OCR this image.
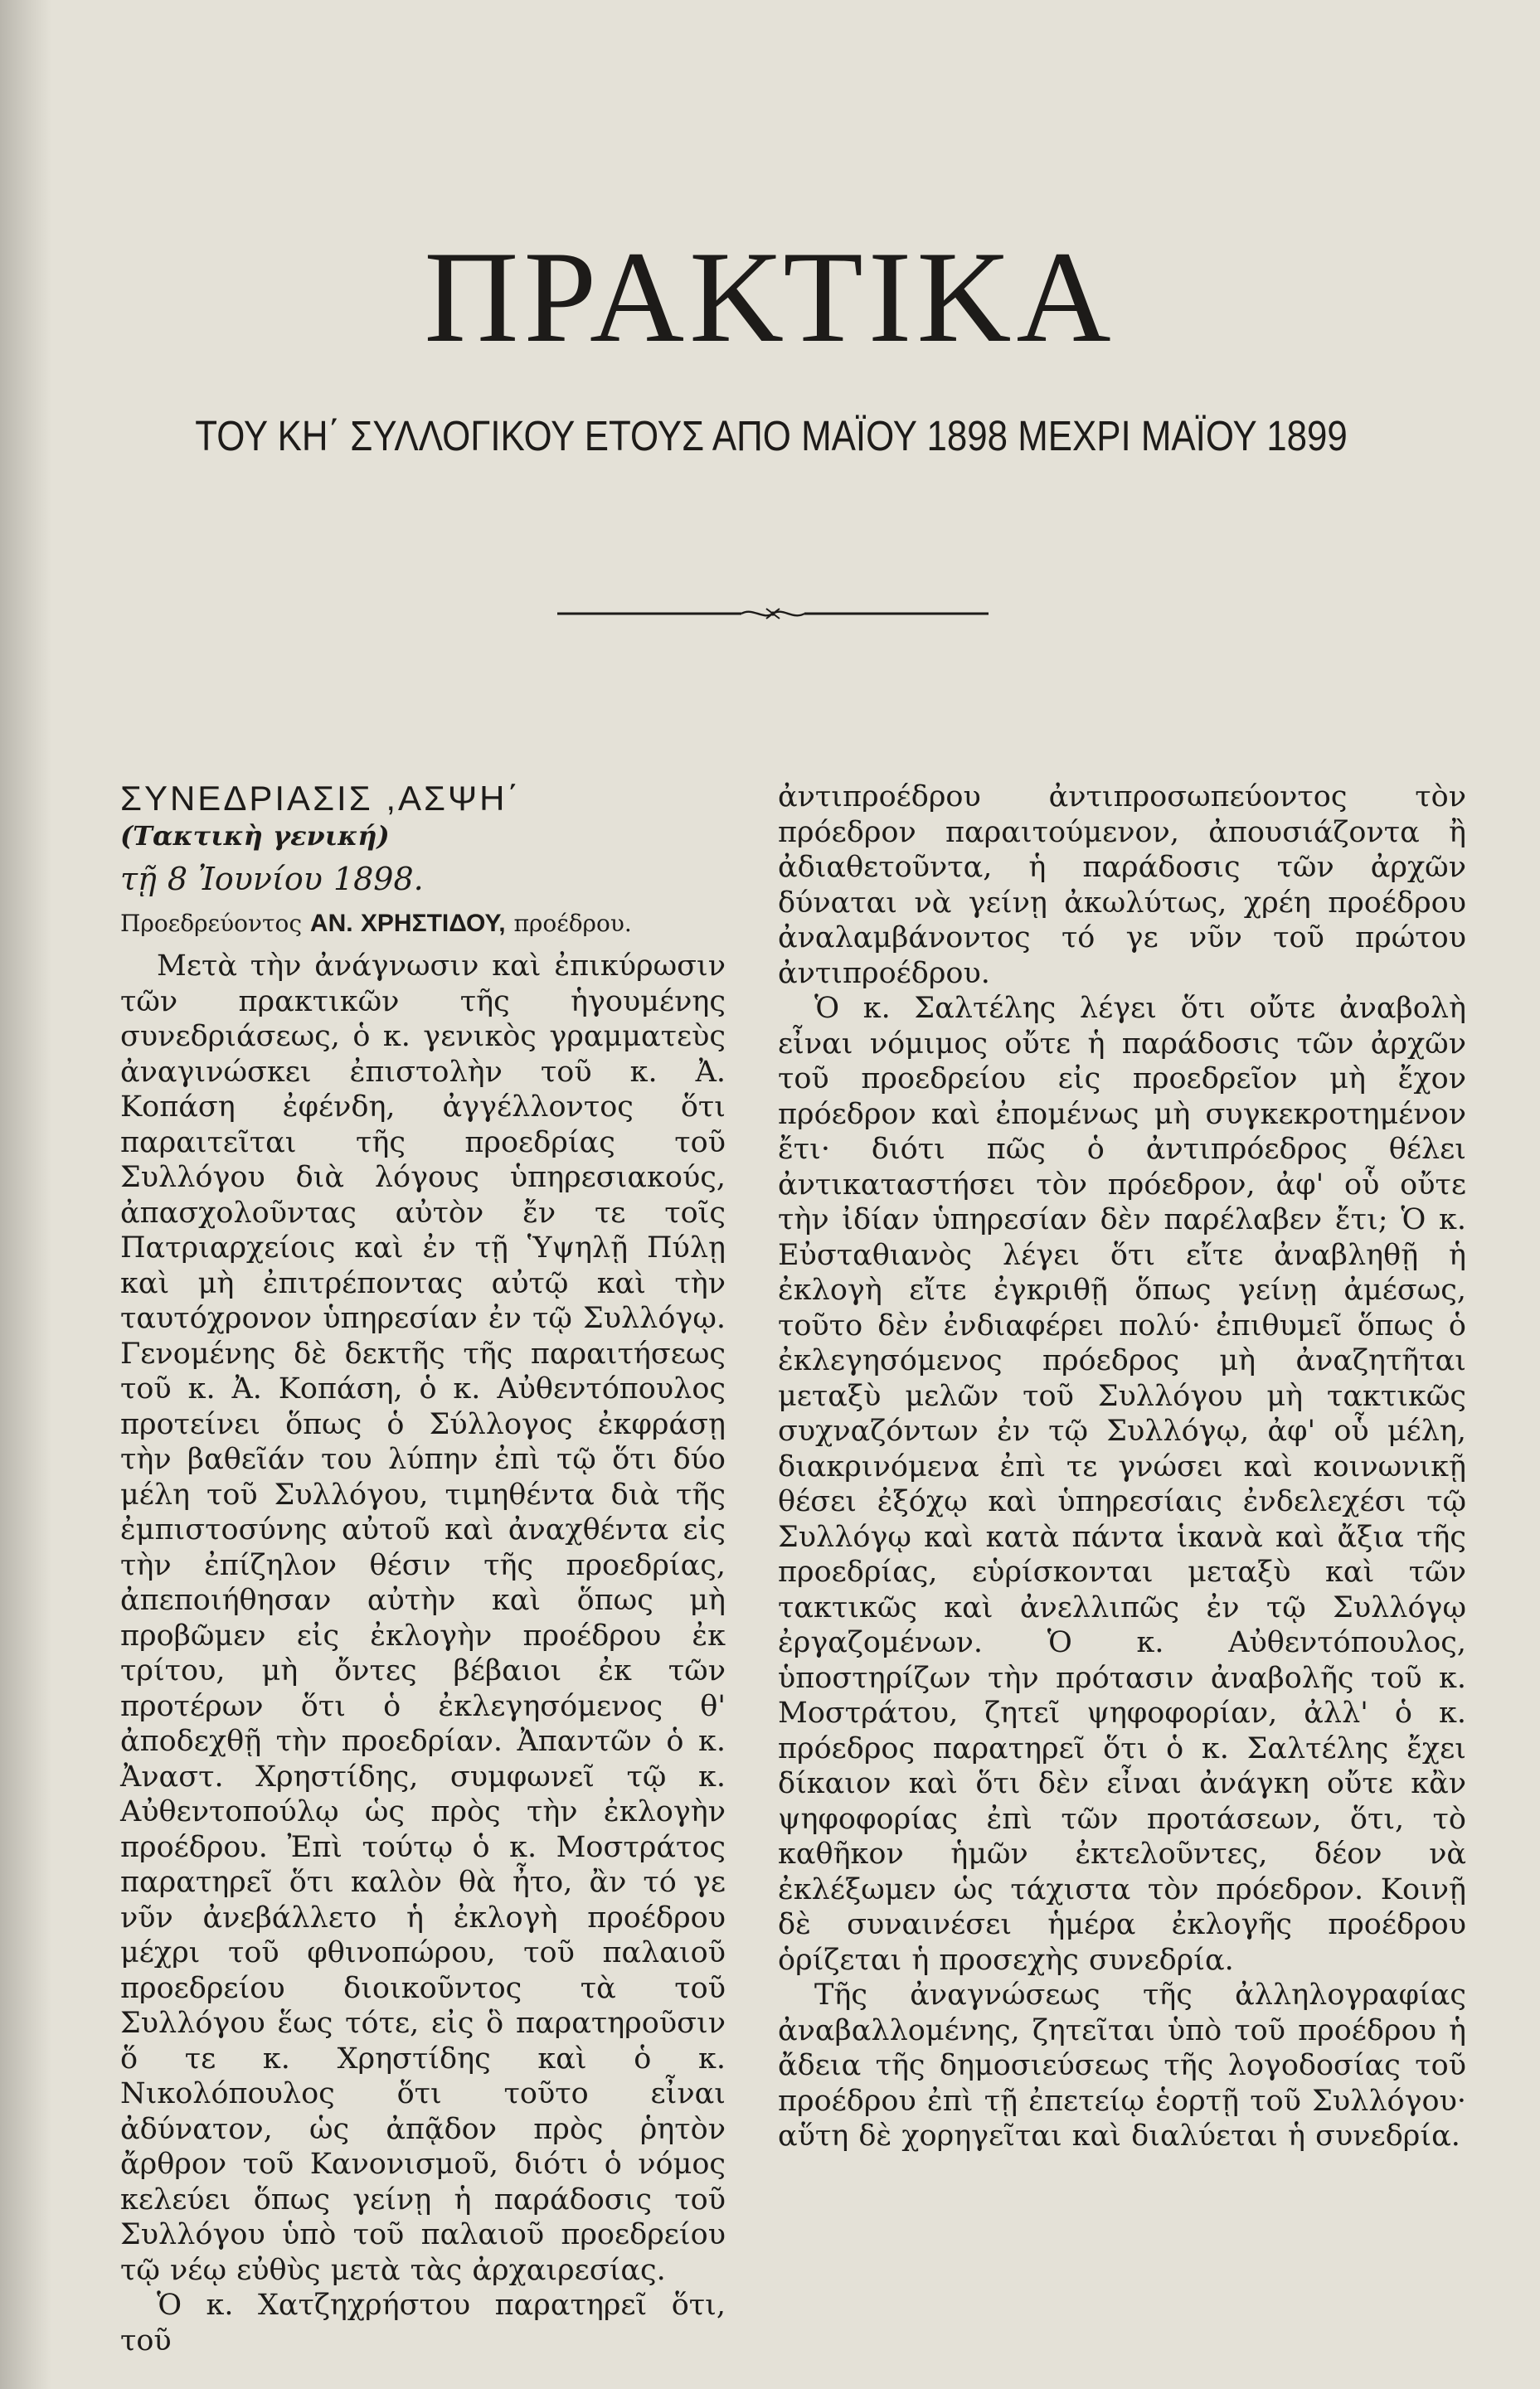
ΠΡΑΚΤΙΚΑ
ΤΟΥ ΚΗ΄ ΣΥΛΛΟΓΙΚΟΥ ΕΤΟΥΣ ΑΠΟ ΜΑΪΟΥ 1898 ΜΕΧΡΙ ΜΑΪΟΥ 1899

ΣΥΝΕΔΡΙΑΣΙΣ ,ΑΣΨΗ΄

(Τακτικὴ γενική)

τῇ 8 Ἰουνίου 1898.

Προεδρεύοντος ΑΝ. ΧΡΗΣΤΙΔΟΥ, προέδρου.

Μετὰ τὴν ἀνάγνωσιν καὶ ἐπικύρωσιν τῶν πρακτικῶν τῆς ἡγουμένης συνεδριάσεως, ὁ κ. γενικὸς γραμματεὺς ἀναγινώσκει ἐπιστολὴν τοῦ κ. Ἀ. Κοπάση ἐφένδη, ἀγγέλλοντος ὅτι παραιτεῖται τῆς προεδρίας τοῦ Συλλόγου διὰ λόγους ὑπηρεσιακούς, ἀπασχολοῦντας αὐτὸν ἔν τε τοῖς Πατριαρχείοις καὶ ἐν τῇ Ὑψηλῇ Πύλῃ καὶ μὴ ἐπιτρέποντας αὐτῷ καὶ τὴν ταυτόχρονον ὑπηρεσίαν ἐν τῷ Συλλόγῳ. Γενομένης δὲ δεκτῆς τῆς παραιτήσεως τοῦ κ. Ἀ. Κοπάση, ὁ κ. Αὐθεντόπουλος προτείνει ὅπως ὁ Σύλλογος ἐκφράσῃ τὴν βαθεῖάν του λύπην ἐπὶ τῷ ὅτι δύο μέλη τοῦ Συλλόγου, τιμηθέντα διὰ τῆς ἐμπιστοσύνης αὐτοῦ καὶ ἀναχθέντα εἰς τὴν ἐπίζηλον θέσιν τῆς προεδρίας, ἀπεποιήθησαν αὐτὴν καὶ ὅπως μὴ προβῶμεν εἰς ἐκλογὴν προέδρου ἐκ τρίτου, μὴ ὄντες βέβαιοι ἐκ τῶν προτέρων ὅτι ὁ ἐκλεγησόμενος θ' ἀποδεχθῇ τὴν προεδρίαν. Ἀπαντῶν ὁ κ. Ἀναστ. Χρηστίδης, συμφωνεῖ τῷ κ. Αὐθεντοπούλῳ ὡς πρὸς τὴν ἐκλογὴν προέδρου. Ἐπὶ τούτῳ ὁ κ. Μοστράτος παρατηρεῖ ὅτι καλὸν θὰ ἦτο, ἂν τό γε νῦν ἀνεβάλλετο ἡ ἐκλογὴ προέδρου μέχρι τοῦ φθινοπώρου, τοῦ παλαιοῦ προεδρείου διοικοῦντος τὰ τοῦ Συλλόγου ἕως τότε, εἰς ὃ παρατηροῦσιν ὅ τε κ. Χρηστίδης καὶ ὁ κ. Νικολόπουλος ὅτι τοῦτο εἶναι ἀδύνατον, ὡς ἀπᾷδον πρὸς ῥητὸν ἄρθρον τοῦ Κανονισμοῦ, διότι ὁ νόμος κελεύει ὅπως γείνῃ ἡ παράδοσις τοῦ Συλλόγου ὑπὸ τοῦ παλαιοῦ προεδρείου τῷ νέῳ εὐθὺς μετὰ τὰς ἀρχαιρεσίας.

Ὁ κ. Χατζηχρήστου παρατηρεῖ ὅτι, τοῦ

ἀντιπροέδρου ἀντιπροσωπεύοντος τὸν πρόεδρον παραιτούμενον, ἀπουσιάζοντα ἢ ἀδιαθετοῦντα, ἡ παράδοσις τῶν ἀρχῶν δύναται νὰ γείνῃ ἀκωλύτως, χρέη προέδρου ἀναλαμβάνοντος τό γε νῦν τοῦ πρώτου ἀντιπροέδρου.

Ὁ κ. Σαλτέλης λέγει ὅτι οὔτε ἀναβολὴ εἶναι νόμιμος οὔτε ἡ παράδοσις τῶν ἀρχῶν τοῦ προεδρείου εἰς προεδρεῖον μὴ ἔχον πρόεδρον καὶ ἐπομένως μὴ συγκεκροτημένον ἔτι· διότι πῶς ὁ ἀντιπρόεδρος θέλει ἀντικαταστήσει τὸν πρόεδρον, ἀφ' οὗ οὔτε τὴν ἰδίαν ὑπηρεσίαν δὲν παρέλαβεν ἔτι; Ὁ κ. Εὐσταθιανὸς λέγει ὅτι εἴτε ἀναβληθῇ ἡ ἐκλογὴ εἴτε ἐγκριθῇ ὅπως γείνῃ ἀμέσως, τοῦτο δὲν ἐνδιαφέρει πολύ· ἐπιθυμεῖ ὅπως ὁ ἐκλεγησόμενος πρόεδρος μὴ ἀναζητῆται μεταξὺ μελῶν τοῦ Συλλόγου μὴ τακτικῶς συχναζόντων ἐν τῷ Συλλόγῳ, ἀφ' οὗ μέλη, διακρινόμενα ἐπὶ τε γνώσει καὶ κοινωνικῇ θέσει ἐξόχῳ καὶ ὑπηρεσίαις ἐνδελεχέσι τῷ Συλλόγῳ καὶ κατὰ πάντα ἱκανὰ καὶ ἄξια τῆς προεδρίας, εὑρίσκονται μεταξὺ καὶ τῶν τακτικῶς καὶ ἀνελλιπῶς ἐν τῷ Συλλόγῳ ἐργαζομένων. Ὁ κ. Αὐθεντόπουλος, ὑποστηρίζων τὴν πρότασιν ἀναβολῆς τοῦ κ. Μοστράτου, ζητεῖ ψηφοφορίαν, ἀλλ' ὁ κ. πρόεδρος παρατηρεῖ ὅτι ὁ κ. Σαλτέλης ἔχει δίκαιον καὶ ὅτι δὲν εἶναι ἀνάγκη οὔτε κἂν ψηφοφορίας ἐπὶ τῶν προτάσεων, ὅτι, τὸ καθῆκον ἡμῶν ἐκτελοῦντες, δέον νὰ ἐκλέξωμεν ὡς τάχιστα τὸν πρόεδρον. Κοινῇ δὲ συναινέσει ἡμέρα ἐκλογῆς προέδρου ὁρίζεται ἡ προσεχὴς συνεδρία.

Τῆς ἀναγνώσεως τῆς ἀλληλογραφίας ἀναβαλλομένης, ζητεῖται ὑπὸ τοῦ προέδρου ἡ ἄδεια τῆς δημοσιεύσεως τῆς λογοδοσίας τοῦ προέδρου ἐπὶ τῇ ἐπετείῳ ἑορτῇ τοῦ Συλλόγου· αὕτη δὲ χορηγεῖται καὶ διαλύεται ἡ συνεδρία.
